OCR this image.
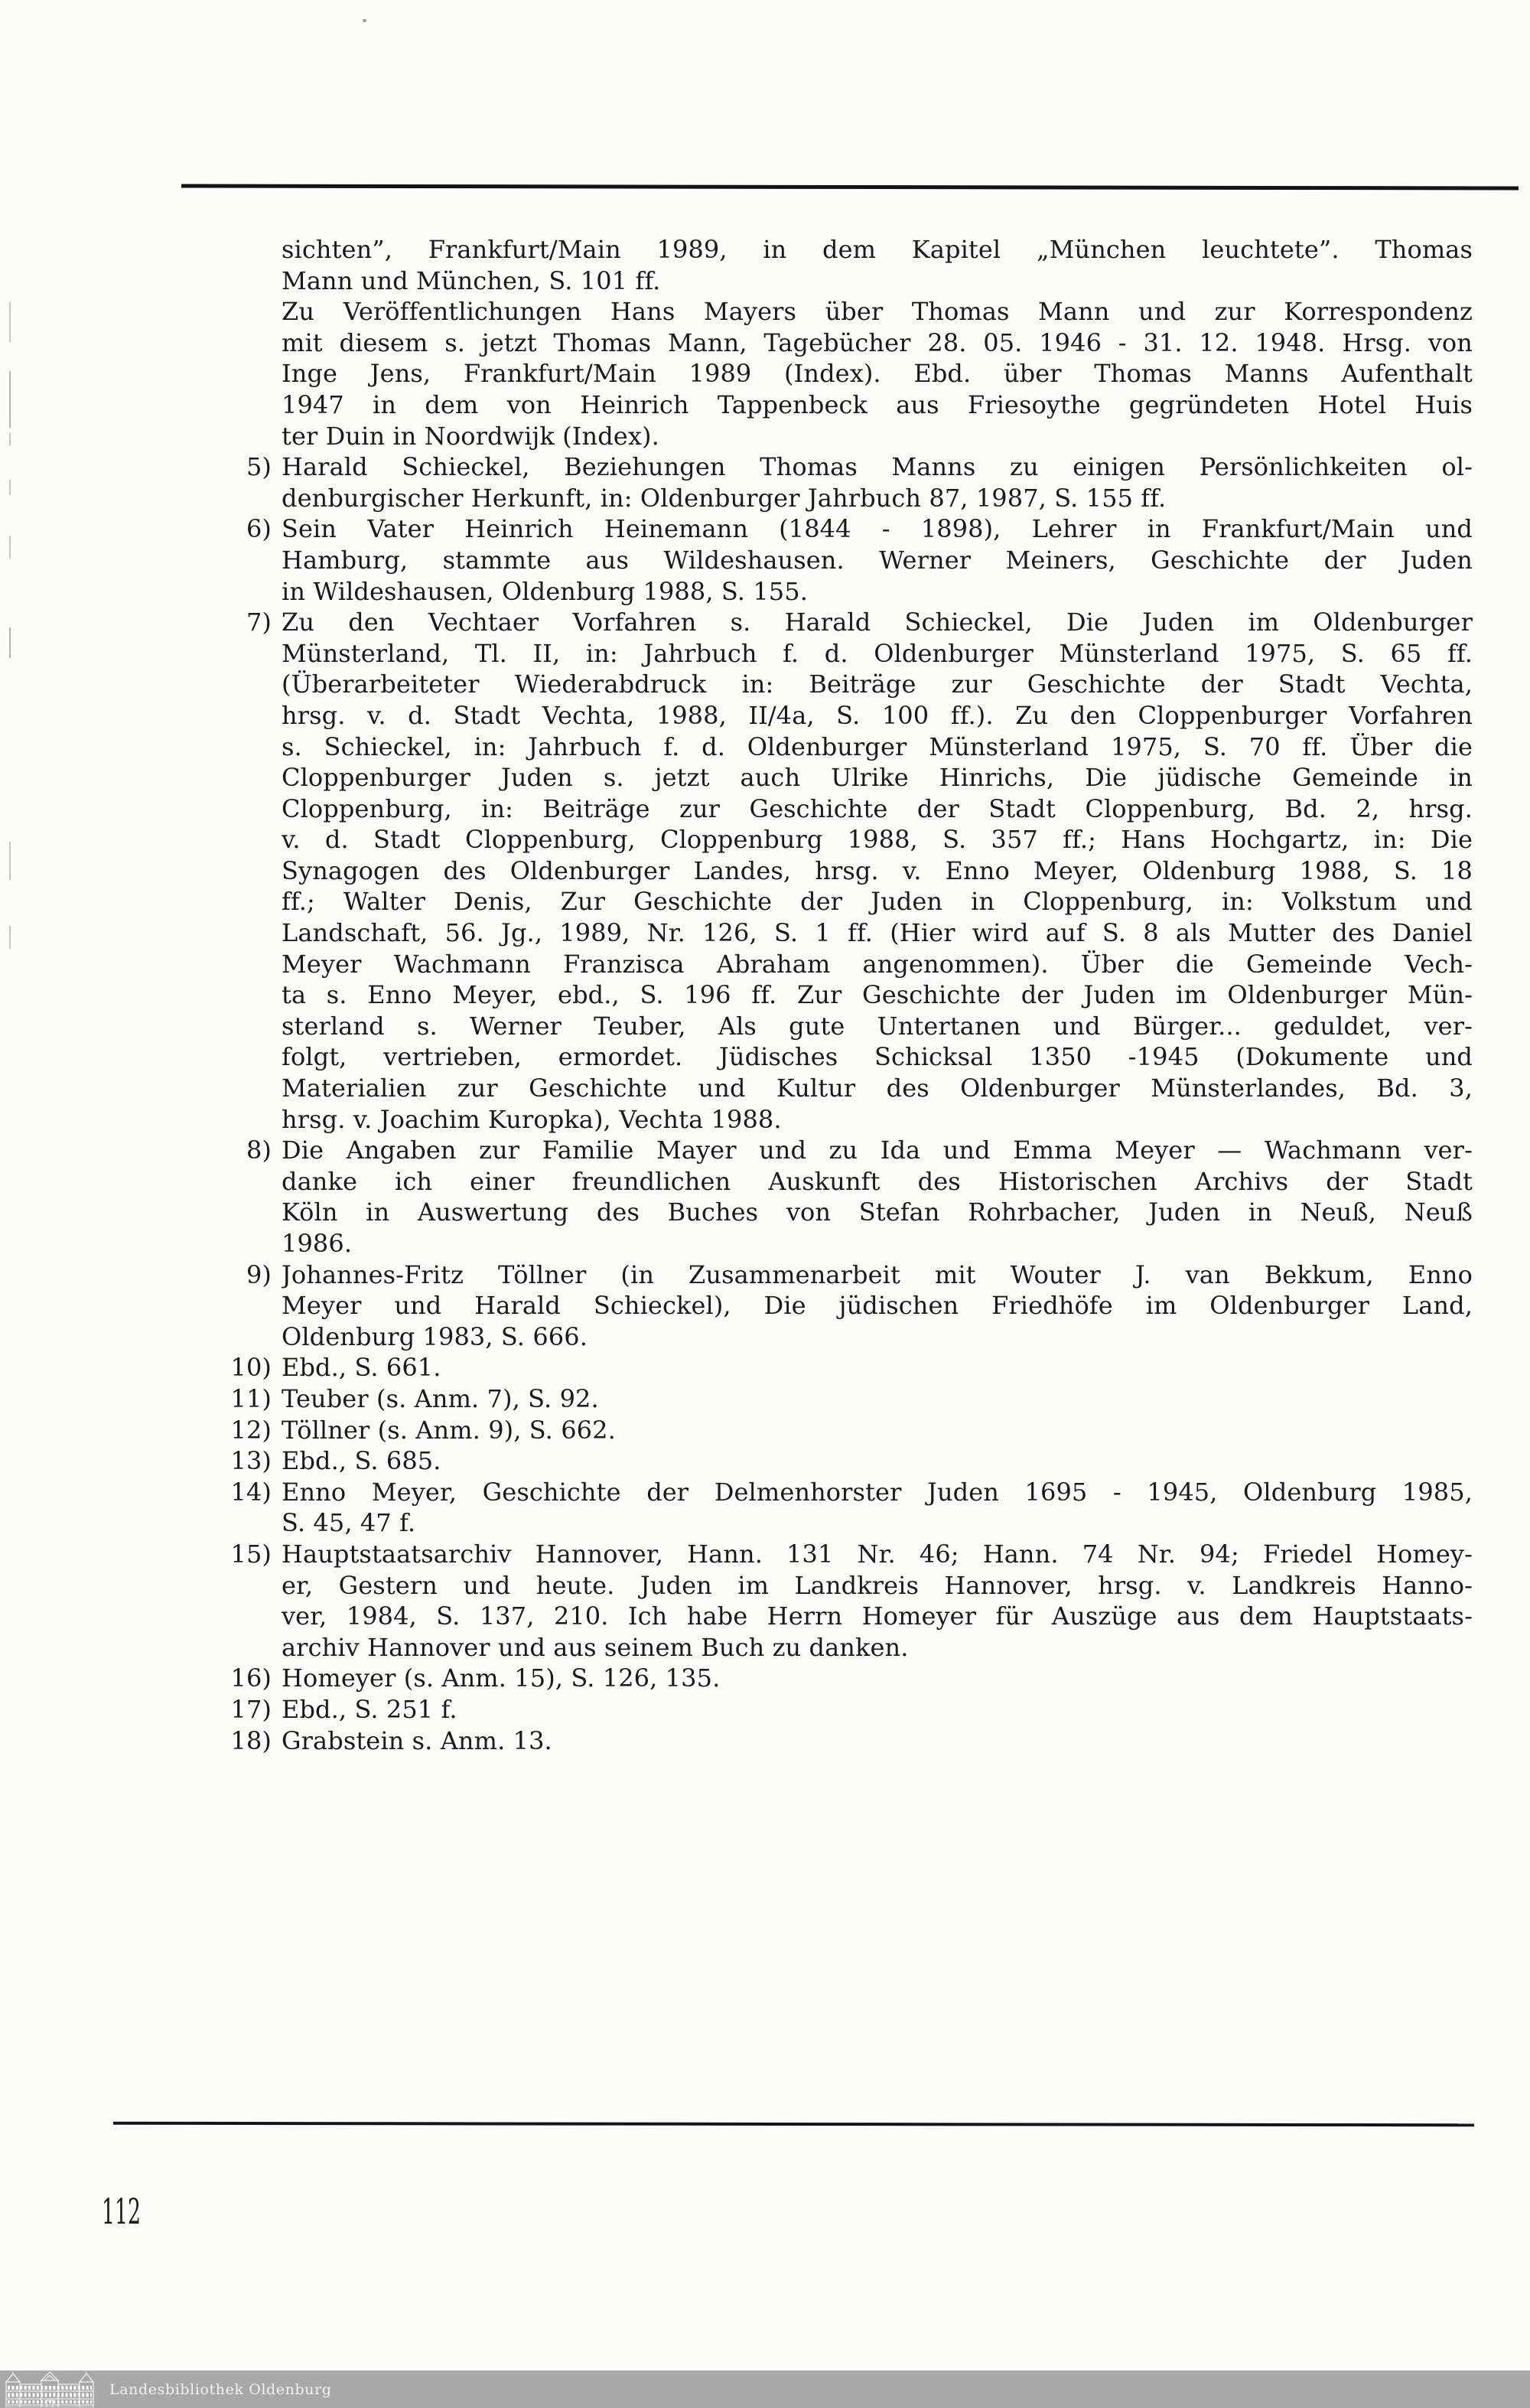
sichten”, Frankfurt/Main 1989, in dem Kapitel „München leuchtete”. Thomas
Mann und München, S. 101 ff.
Zu Veröffentlichungen Hans Mayers über Thomas Mann und zur Korrespondenz
mit diesem s. jetzt Thomas Mann, Tagebücher 28. 05. 1946 - 31. 12. 1948. Hrsg. von
Inge Jens, Frankfurt/Main 1989 (Index). Ebd. über Thomas Manns Aufenthalt
1947 in dem von Heinrich Tappenbeck aus Friesoythe gegründeten Hotel Huis
ter Duin in Noordwijk (Index).
5) Harald Schieckel, Beziehungen Thomas Manns zu einigen Persönlichkeiten ol-
denburgischer Herkunft, in: Oldenburger Jahrbuch 87, 1987, S. 155 ff.
6) Sein Vater Heinrich Heinemann (1844 - 1898), Lehrer in Frankfurt/Main und
Hamburg, stammte aus Wildeshausen. Werner Meiners, Geschichte der Juden
in Wildeshausen, Oldenburg 1988, S. 155.
7) Zu den Vechtaer Vorfahren s. Harald Schieckel, Die Juden im Oldenburger
Münsterland, Tl. II, in: Jahrbuch f. d. Oldenburger Münsterland 1975, S. 65 ff.
(Überarbeiteter Wiederabdruck in: Beiträge zur Geschichte der Stadt Vechta,
hrsg. v. d. Stadt Vechta, 1988, II/4a, S. 100 ff.). Zu den Cloppenburger Vorfahren
s. Schieckel, in: Jahrbuch f. d. Oldenburger Münsterland 1975, S. 70 ff. Über die
Cloppenburger Juden s. jetzt auch Ulrike Hinrichs, Die jüdische Gemeinde in
Cloppenburg, in: Beiträge zur Geschichte der Stadt Cloppenburg, Bd. 2, hrsg.
v. d. Stadt Cloppenburg, Cloppenburg 1988, S. 357 ff.; Hans Hochgartz, in: Die
Synagogen des Oldenburger Landes, hrsg. v. Enno Meyer, Oldenburg 1988, S. 18
ff.; Walter Denis, Zur Geschichte der Juden in Cloppenburg, in: Volkstum und
Landschaft, 56. Jg., 1989, Nr. 126, S. 1 ff. (Hier wird auf S. 8 als Mutter des Daniel
Meyer Wachmann Franzisca Abraham angenommen). Über die Gemeinde Vech-
ta s. Enno Meyer, ebd., S. 196 ff. Zur Geschichte der Juden im Oldenburger Mün-
sterland s. Werner Teuber, Als gute Untertanen und Bürger... geduldet, ver-
folgt, vertrieben, ermordet. Jüdisches Schicksal 1350 -1945 (Dokumente und
Materialien zur Geschichte und Kultur des Oldenburger Münsterlandes, Bd. 3,
hrsg. v. Joachim Kuropka), Vechta 1988.
8) Die Angaben zur Familie Mayer und zu Ida und Emma Meyer — Wachmann ver-
danke ich einer freundlichen Auskunft des Historischen Archivs der Stadt
Köln in Auswertung des Buches von Stefan Rohrbacher, Juden in Neuß, Neuß
1986.
9) Johannes-Fritz Töllner (in Zusammenarbeit mit Wouter J. van Bekkum, Enno
Meyer und Harald Schieckel), Die jüdischen Friedhöfe im Oldenburger Land,
Oldenburg 1983, S. 666.
10) Ebd., S. 661.
11) Teuber (s. Anm. 7), S. 92.
12) Töllner (s. Anm. 9), S. 662.
13) Ebd., S. 685.
14) Enno Meyer, Geschichte der Delmenhorster Juden 1695 - 1945, Oldenburg 1985,
S. 45, 47 f.
15) Hauptstaatsarchiv Hannover, Hann. 131 Nr. 46; Hann. 74 Nr. 94; Friedel Homey-
er, Gestern und heute. Juden im Landkreis Hannover, hrsg. v. Landkreis Hanno-
ver, 1984, S. 137, 210. Ich habe Herrn Homeyer für Auszüge aus dem Hauptstaats-
archiv Hannover und aus seinem Buch zu danken.
16) Homeyer (s. Anm. 15), S. 126, 135.
17) Ebd., S. 251 f.
18) Grabstein s. Anm. 13.
112
Landesbibliothek Oldenburg
